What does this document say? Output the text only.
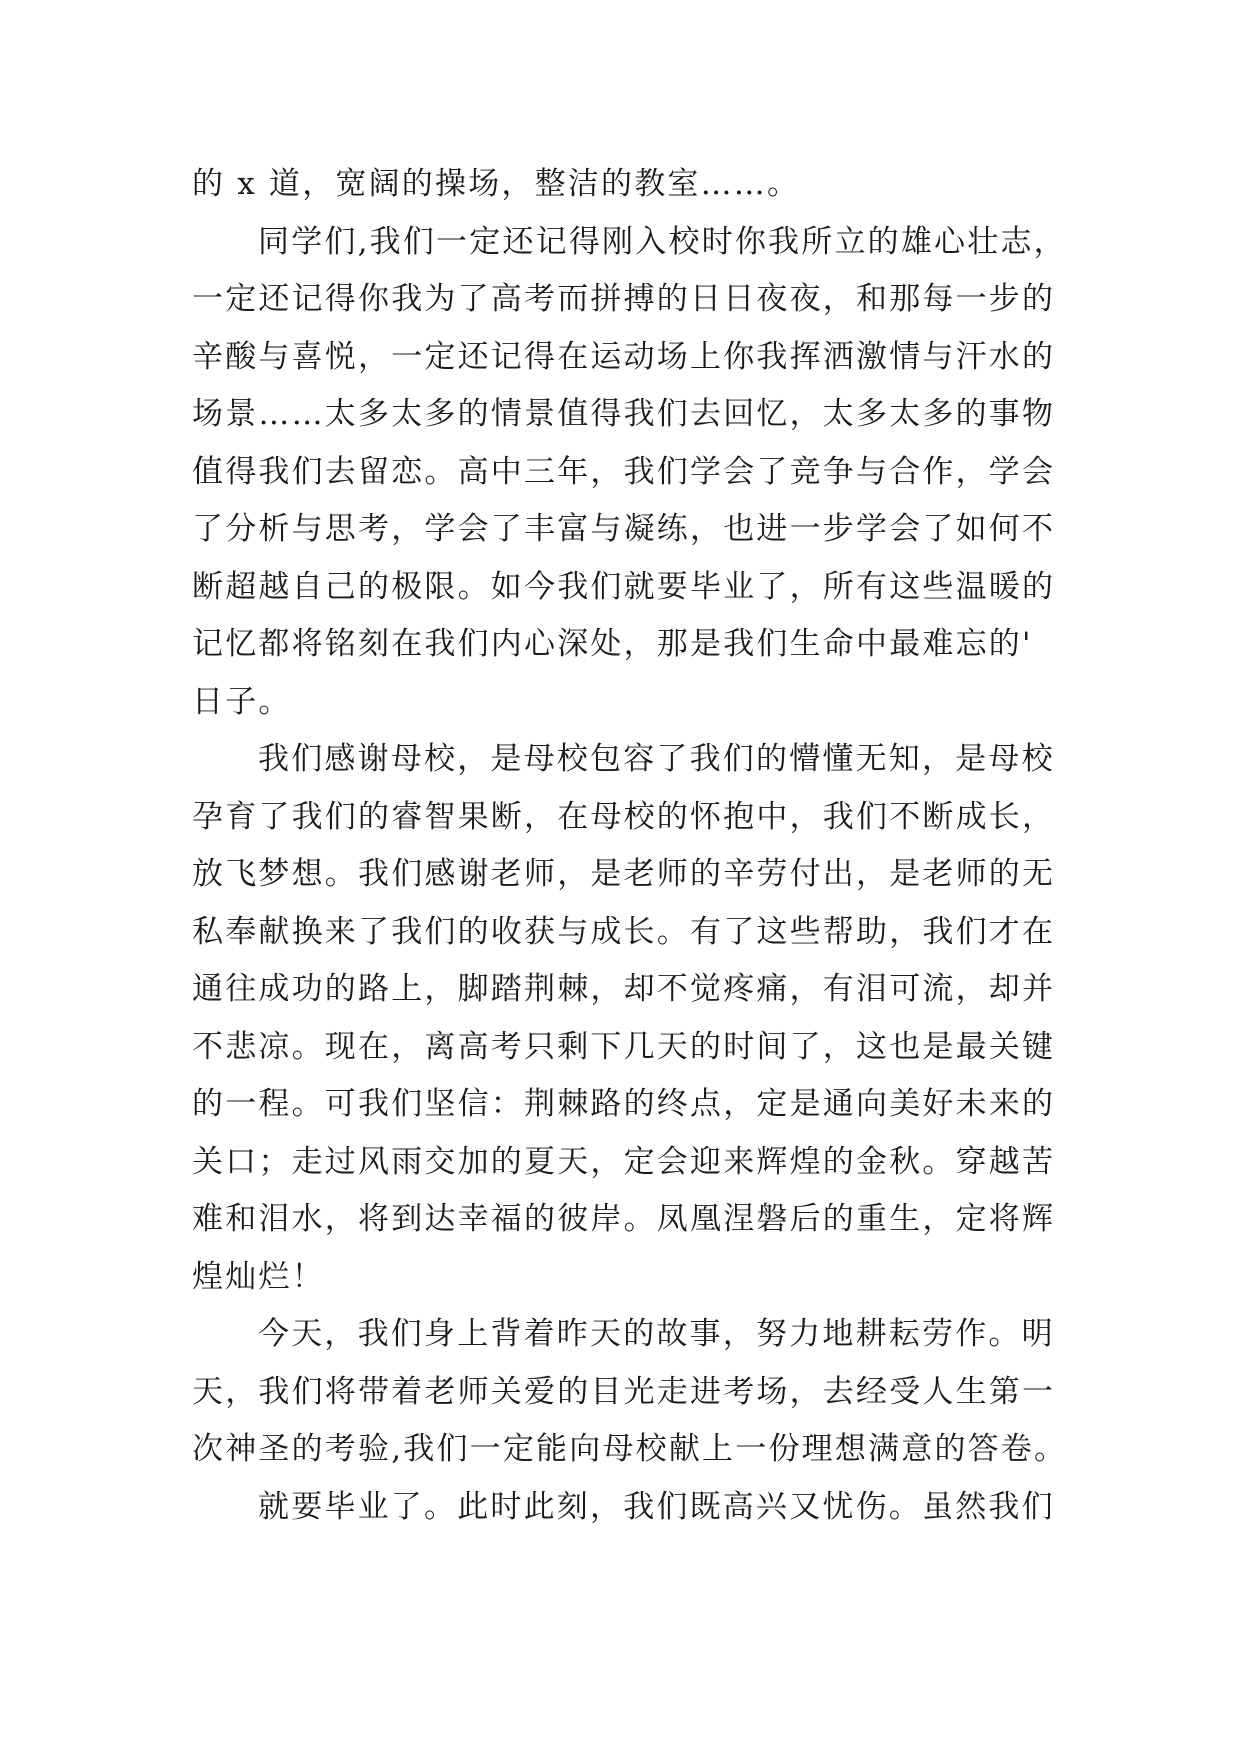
的 x 道，宽阔的操场，整洁的教室……。
同学们,我们一定还记得刚入校时你我所立的雄心壮志，
一定还记得你我为了高考而拼搏的日日夜夜，和那每一步的
辛酸与喜悦，一定还记得在运动场上你我挥洒激情与汗水的
场景……太多太多的情景值得我们去回忆，太多太多的事物
值得我们去留恋。高中三年，我们学会了竞争与合作，学会
了分析与思考，学会了丰富与凝练，也进一步学会了如何不
断超越自己的极限。如今我们就要毕业了，所有这些温暖的
记忆都将铭刻在我们内心深处，那是我们生命中最难忘的'
日子。
我们感谢母校，是母校包容了我们的懵懂无知，是母校
孕育了我们的睿智果断，在母校的怀抱中，我们不断成长，
放飞梦想。我们感谢老师，是老师的辛劳付出，是老师的无
私奉献换来了我们的收获与成长。有了这些帮助，我们才在
通往成功的路上，脚踏荆棘，却不觉疼痛，有泪可流，却并
不悲凉。现在，离高考只剩下几天的时间了，这也是最关键
的一程。可我们坚信：荆棘路的终点，定是通向美好未来的
关口；走过风雨交加的夏天，定会迎来辉煌的金秋。穿越苦
难和泪水，将到达幸福的彼岸。凤凰涅磐后的重生，定将辉
煌灿烂！
今天，我们身上背着昨天的故事，努力地耕耘劳作。明
天，我们将带着老师关爱的目光走进考场，去经受人生第一
次神圣的考验,我们一定能向母校献上一份理想满意的答卷。
就要毕业了。此时此刻，我们既高兴又忧伤。虽然我们
